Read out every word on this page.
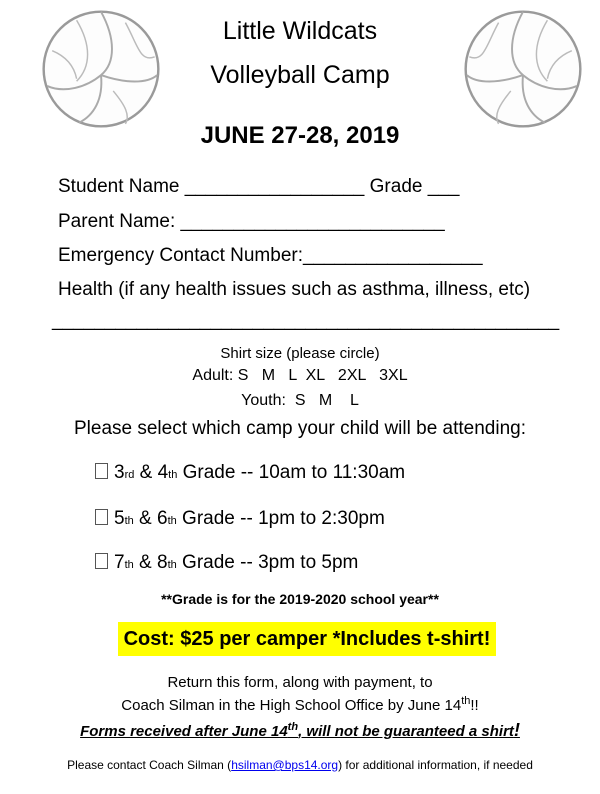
Little Wildcats
Volleyball Camp
JUNE 27-28, 2019
Student Name _________________ Grade ___
Parent Name: _________________________
Emergency Contact Number:_________________
Health (if any health issues such as asthma, illness, etc)
________________________________________________
Shirt size (please circle)
Adult: S   M   L  XL   2XL   3XL
Youth:  S   M    L
Please select which camp your child will be attending:
3 rd & 4 th Grade -- 10am to 11:30am
5 th & 6 th Grade -- 1pm to 2:30pm
7 th & 8 th Grade -- 3pm to 5pm
**Grade is for the 2019-2020 school year**
Cost: $25 per camper *Includes t-shirt!
Return this form, along with payment, to
Coach Silman in the High School Office by June 14th!!
Forms received after June 14th, will not be guaranteed a shirt!
Please contact Coach Silman (hsilman@bps14.org) for additional information, if needed
